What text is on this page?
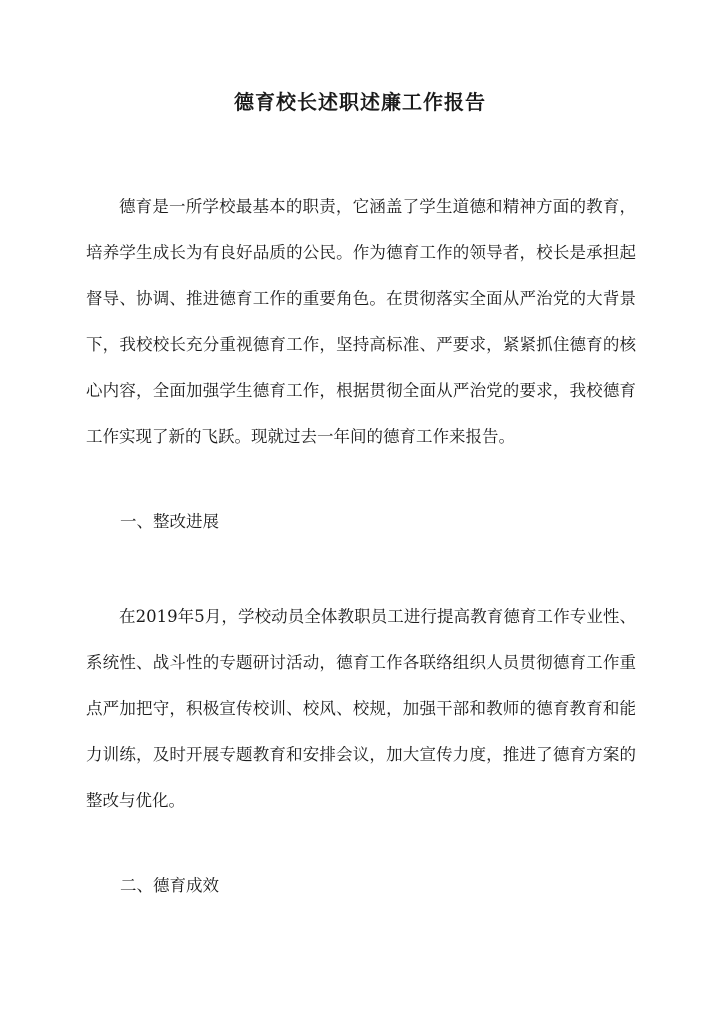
德育校长述职述廉工作报告

德育是一所学校最基本的职责，它涵盖了学生道德和精神方面的教育，培养学生成长为有良好品质的公民。作为德育工作的领导者，校长是承担起督导、协调、推进德育工作的重要角色。在贯彻落实全面从严治党的大背景下，我校校长充分重视德育工作，坚持高标准、严要求，紧紧抓住德育的核心内容，全面加强学生德育工作，根据贯彻全面从严治党的要求，我校德育工作实现了新的飞跃。现就过去一年间的德育工作来报告。

一、整改进展

在2019年5月，学校动员全体教职员工进行提高教育德育工作专业性、系统性、战斗性的专题研讨活动，德育工作各联络组织人员贯彻德育工作重点严加把守，积极宣传校训、校风、校规，加强干部和教师的德育教育和能力训练，及时开展专题教育和安排会议，加大宣传力度，推进了德育方案的整改与优化。

二、德育成效
